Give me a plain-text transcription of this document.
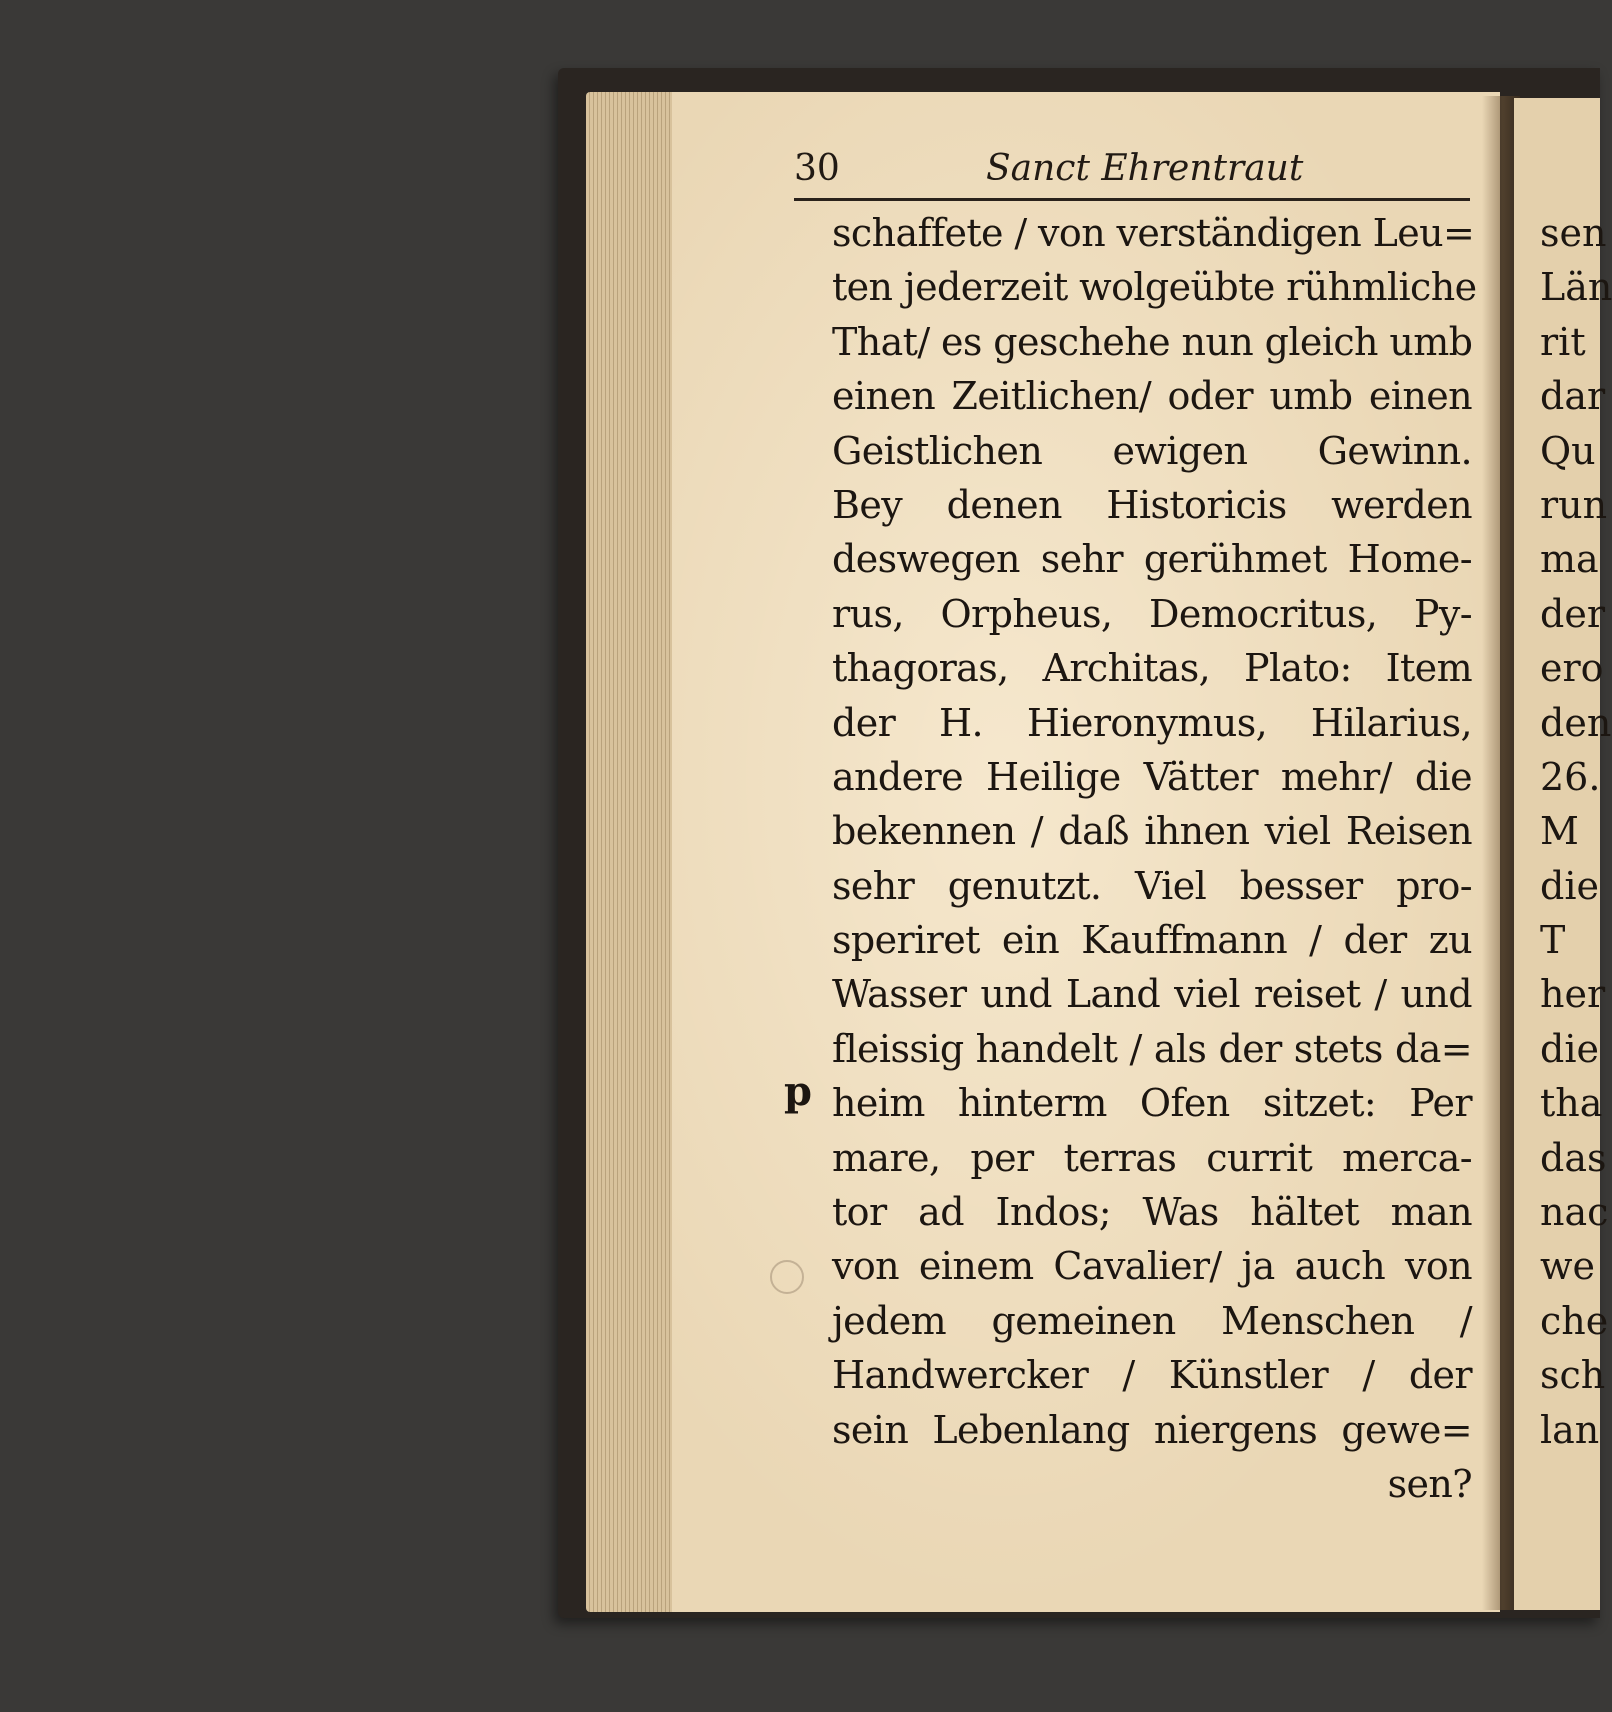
30	Sanct Ehrentraut
p
schaffete / von verständigen Leu=
ten jederzeit wolgeübte rühmliche
That/ es geschehe nun gleich umb
einen Zeitlichen/ oder umb einen
Geistlichen ewigen Gewinn.
Bey denen Historicis werden
deswegen sehr gerühmet Home-
rus, Orpheus, Democritus, Py-
thagoras, Architas, Plato: Item
der H. Hieronymus, Hilarius,
andere Heilige Vätter mehr/ die
bekennen / daß ihnen viel Reisen
sehr genutzt. Viel besser pro-
speriret ein Kauffmann / der zu
Wasser und Land viel reiset / und
fleissig handelt / als der stets da=
heim hinterm Ofen sitzet: Per
mare, per terras currit merca-
tor ad Indos; Was hältet man
von einem Cavalier/ ja auch von
jedem gemeinen Menschen /
Handwercker / Künstler / der
sein Lebenlang niergens gewe=
sen?
sen
Län
rit
dar
Qu
run
ma
der
ero
den
26.
M
die
T
her
die
tha
das
nac
we
che
sch
lan
